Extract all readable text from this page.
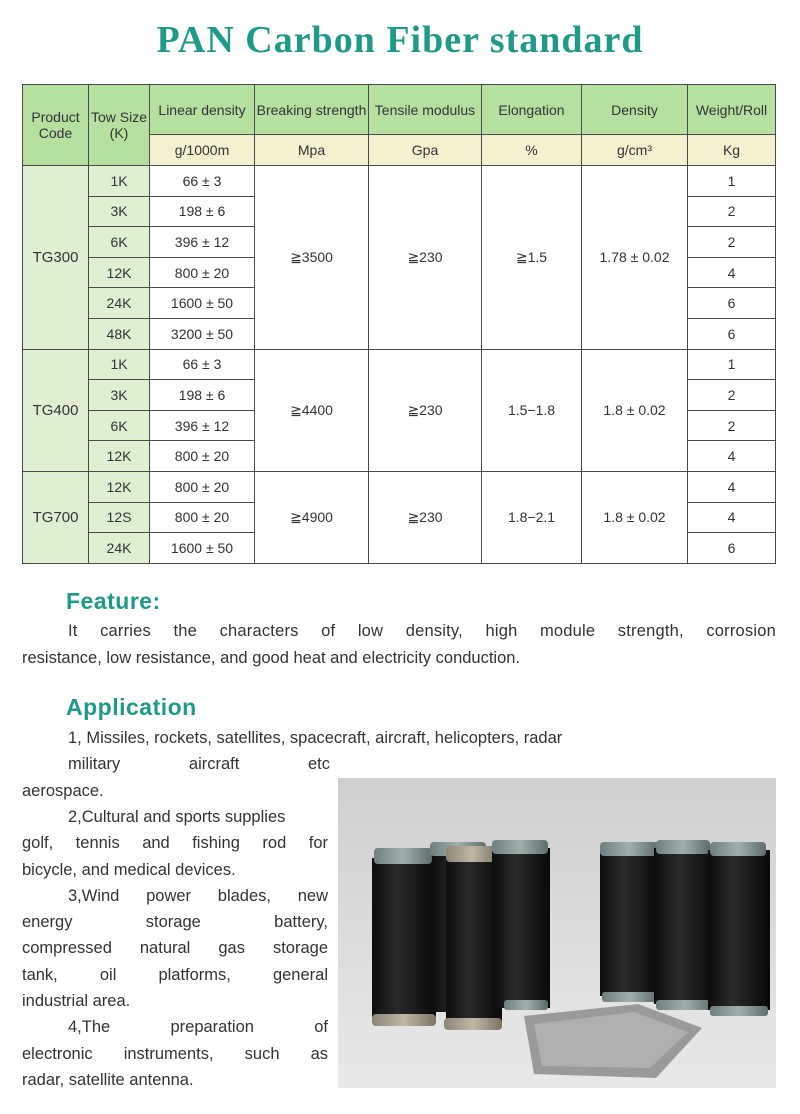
PAN Carbon Fiber standard
Product Code	Tow Size (K)	Linear density	Breaking strength	Tensile modulus	Elongation	Density	Weight/Roll
		g/1000m	Mpa	Gpa	%	g/cm³	Kg
TG300	1K	66 ± 3	≧3500	≧230	≧1.5	1.78 ± 0.02	1
	3K	198 ± 6					2
	6K	396 ± 12					2
	12K	800 ± 20					4
	24K	1600 ± 50					6
	48K	3200 ± 50					6
TG400	1K	66 ± 3	≧4400	≧230	1.5−1.8	1.8 ± 0.02	1
	3K	198 ± 6					2
	6K	396 ± 12					2
	12K	800 ± 20					4
TG700	12K	800 ± 20	≧4900	≧230	1.8−2.1	1.8 ± 0.02	4
	12S	800 ± 20					4
	24K	1600 ± 50					6
Feature:
It carries the characters of low density, high module strength, corrosion
resistance, low resistance, and good heat and electricity conduction.
Application
1, Missiles, rockets, satellites, spacecraft, aircraft, helicopters, radar
military aircraft etc
aerospace.
2,Cultural and sports supplies
golf, tennis and fishing rod for
bicycle, and medical devices.
3,Wind power blades, new
energy storage battery,
compressed natural gas storage
tank, oil platforms, general
industrial area.
4,The preparation of
electronic instruments, such as
radar, satellite antenna.
